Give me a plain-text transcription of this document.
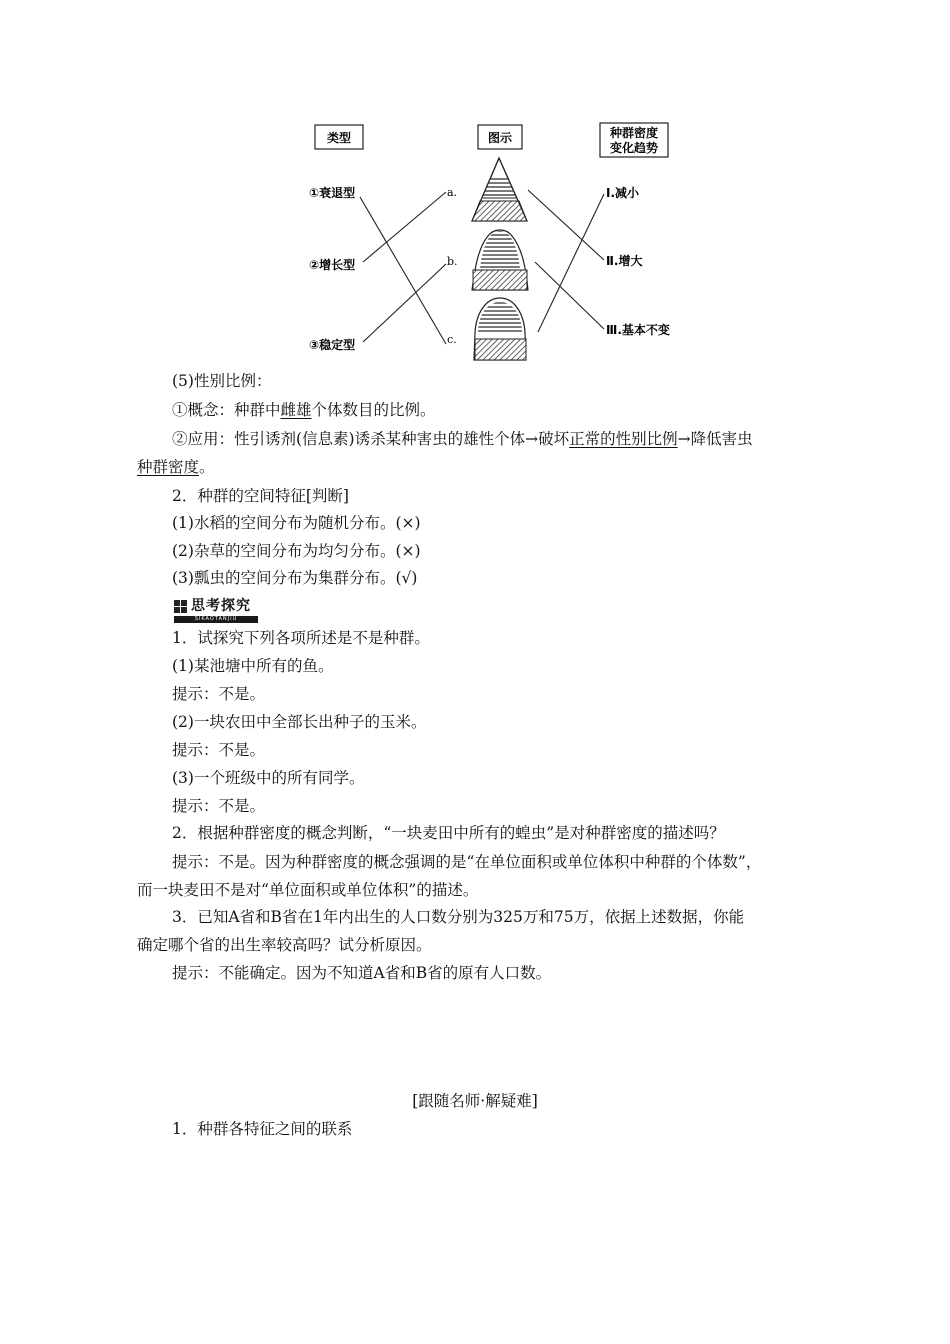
类型	图示	种群密度
变化趋势
①衰退型
②增长型
③稳定型
a.
b.
c.
Ⅰ.减小
Ⅱ.增大
Ⅲ.基本不变
(5)性别比例：
①概念：种群中雌雄个体数目的比例。
②应用：性引诱剂(信息素)诱杀某种害虫的雄性个体→破坏正常的性别比例→降低害虫
种群密度。
2．种群的空间特征[判断]
(1)水稻的空间分布为随机分布。(×)
(2)杂草的空间分布为均匀分布。(×)
(3)瓢虫的空间分布为集群分布。(√)
思考探究
SIKAOTANJIU
1．试探究下列各项所述是不是种群。
(1)某池塘中所有的鱼。
提示：不是。
(2)一块农田中全部长出种子的玉米。
提示：不是。
(3)一个班级中的所有同学。
提示：不是。
2．根据种群密度的概念判断，“一块麦田中所有的蝗虫”是对种群密度的描述吗？
提示：不是。因为种群密度的概念强调的是“在单位面积或单位体积中种群的个体数”，
而一块麦田不是对“单位面积或单位体积”的描述。
3．已知A省和B省在1年内出生的人口数分别为325万和75万，依据上述数据，你能
确定哪个省的出生率较高吗？试分析原因。
提示：不能确定。因为不知道A省和B省的原有人口数。
[跟随名师·解疑难]
1．种群各特征之间的联系
